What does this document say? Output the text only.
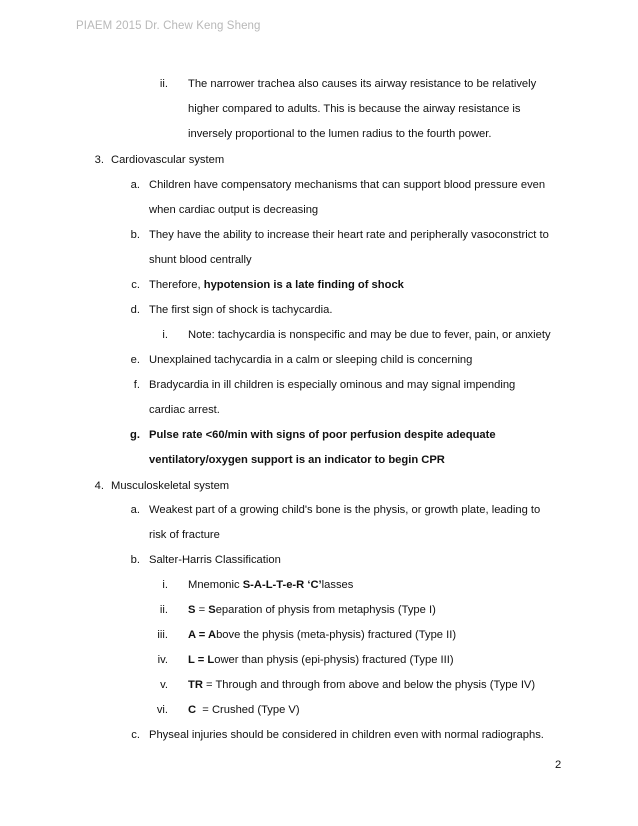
PIAEM 2015 Dr. Chew Keng Sheng
ii. The narrower trachea also causes its airway resistance to be relatively
higher compared to adults. This is because the airway resistance is
inversely proportional to the lumen radius to the fourth power.
3. Cardiovascular system
a. Children have compensatory mechanisms that can support blood pressure even
when cardiac output is decreasing
b. They have the ability to increase their heart rate and peripherally vasoconstrict to
shunt blood centrally
c. Therefore, hypotension is a late finding of shock
d. The first sign of shock is tachycardia.
i. Note: tachycardia is nonspecific and may be due to fever, pain, or anxiety
e. Unexplained tachycardia in a calm or sleeping child is concerning
f. Bradycardia in ill children is especially ominous and may signal impending
cardiac arrest.
g. Pulse rate <60/min with signs of poor perfusion despite adequate
ventilatory/oxygen support is an indicator to begin CPR
4. Musculoskeletal system
a. Weakest part of a growing child's bone is the physis, or growth plate, leading to
risk of fracture
b. Salter-Harris Classification
i. Mnemonic S-A-L-T-e-R ‘C’lasses
ii. S = Separation of physis from metaphysis (Type I)
iii. A = Above the physis (meta-physis) fractured (Type II)
iv. L = Lower than physis (epi-physis) fractured (Type III)
v. TR = Through and through from above and below the physis (Type IV)
vi. C  = Crushed (Type V)
c. Physeal injuries should be considered in children even with normal radiographs.
2
